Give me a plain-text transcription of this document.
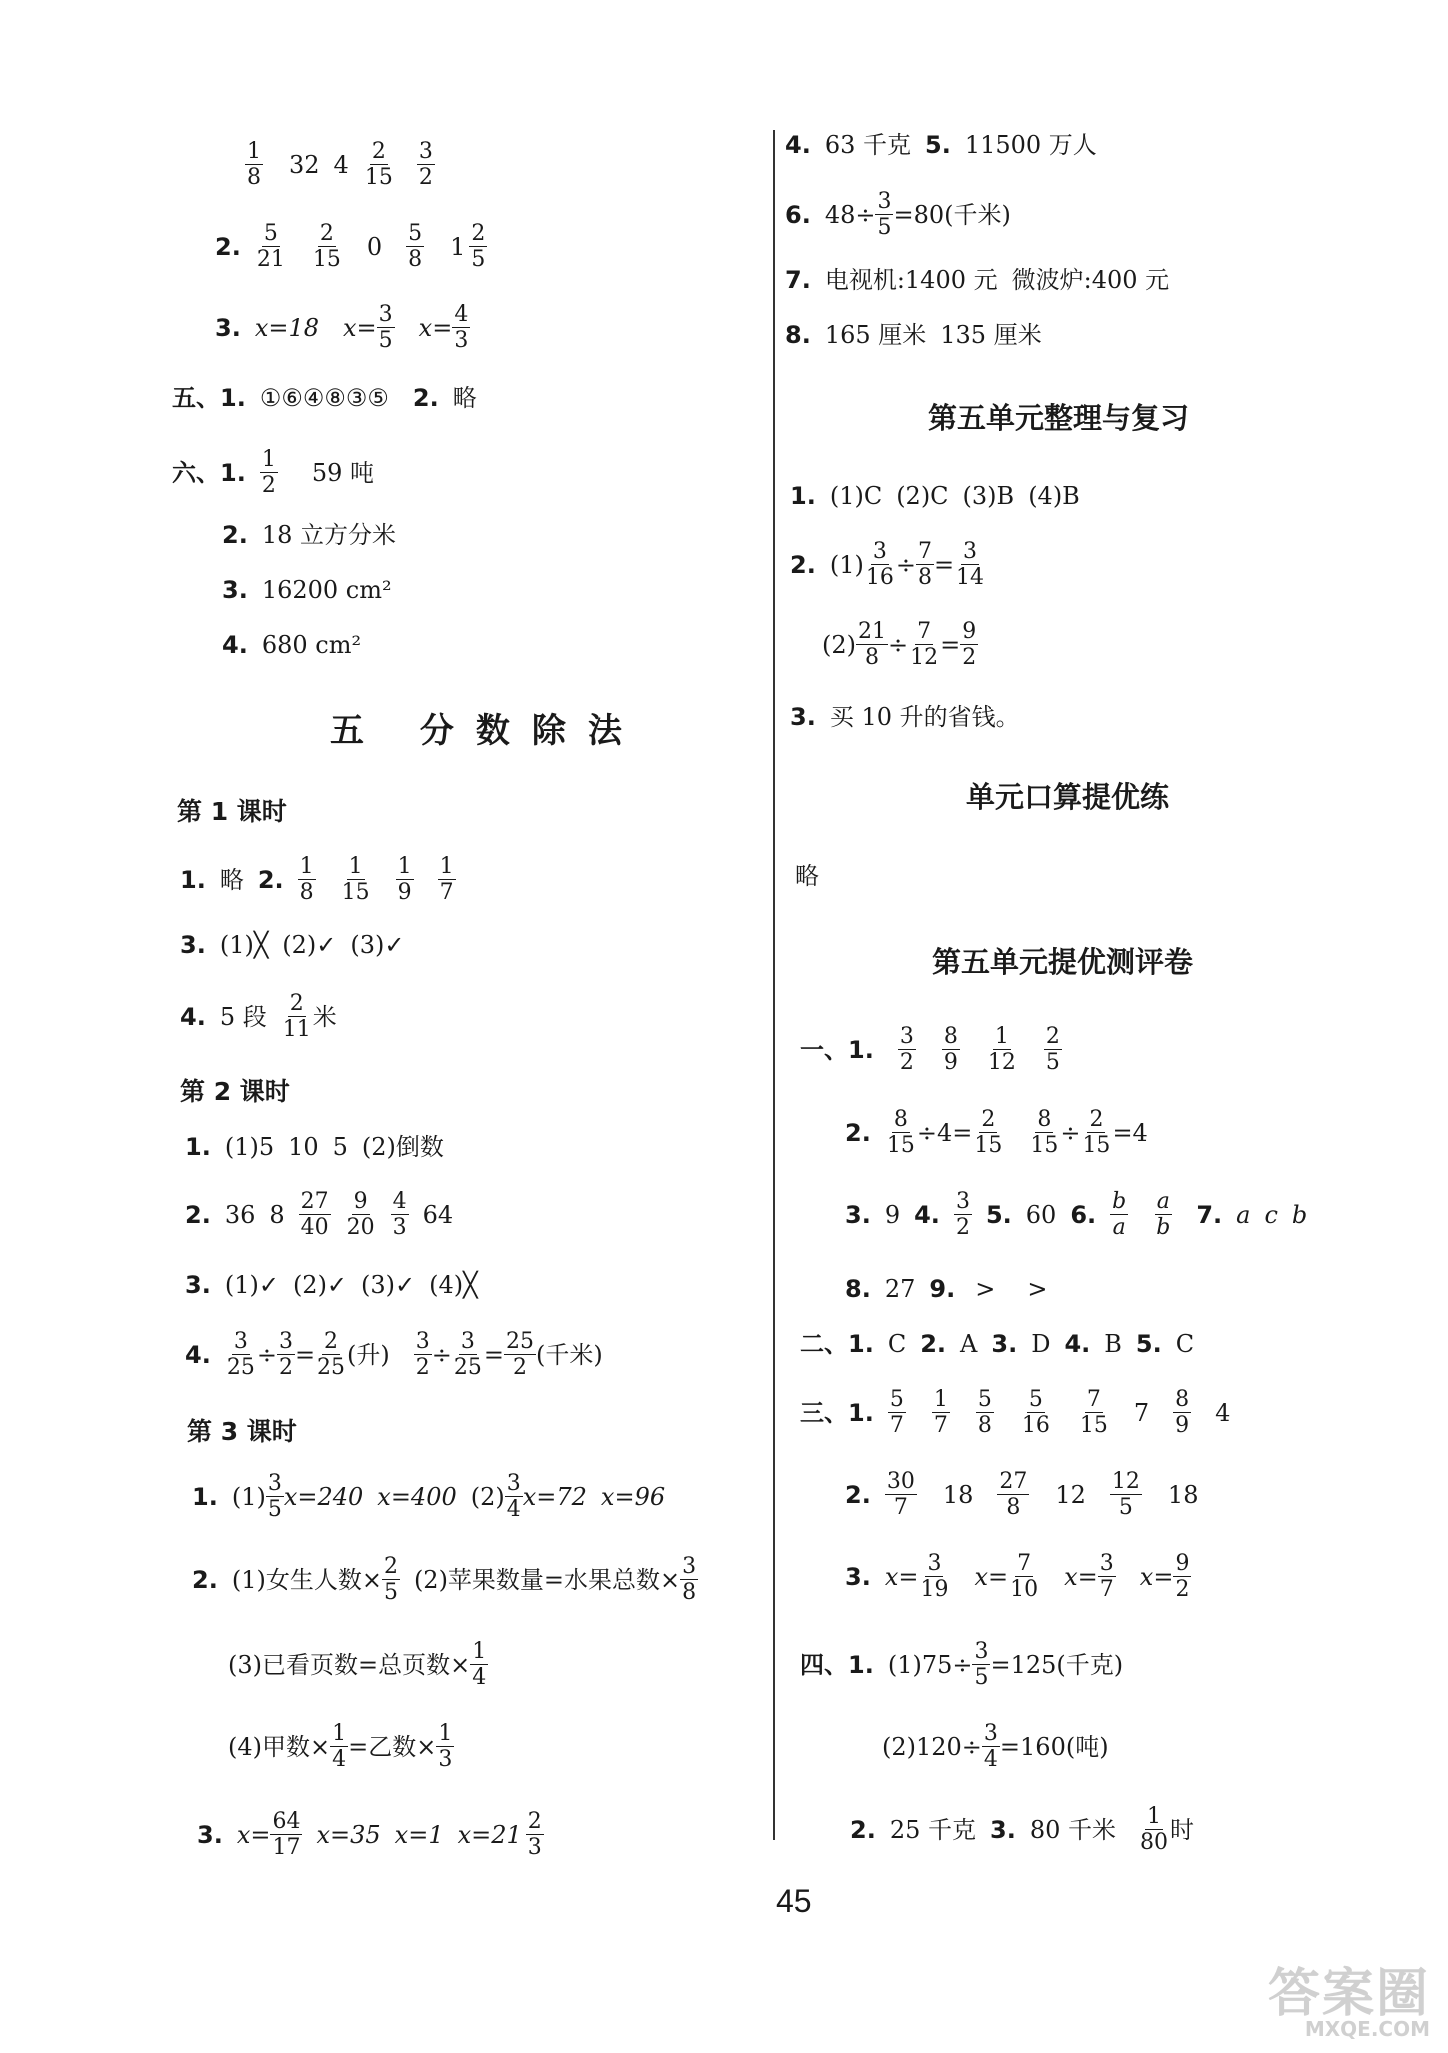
$\frac{1}{8} 32$ $4 \frac{2}{15} \frac{3}{2}$
2. $\frac{5}{21} \frac{2}{15} 0 \frac{5}{8} 1 \frac{2}{5}$
3. x=18 $x= \frac{3}{5} x= \frac{4}{3}$
五、1. ①⑥④⑧③⑤ 2. 略
六、1. $\frac{1}{2} 59$ 吨
2. 18 立方分米
3. 16200 cm²
4. 680 cm²
五 分数除法
第 1 课时
1. 略 2. $\frac{1}{8} \frac{1}{15} \frac{1}{9} \frac{1}{7}$
3. (1)╳ (2)✓ (3)✓
4. 5 段 $\frac{2}{11}$ 米
第 2 课时
1. (1)5 10 5 (2)倒数
2. 36 $8 \frac{27}{40} \frac{9}{20} \frac{4}{3} 64$
3. (1)✓ (2)✓ (3)✓ (4)╳
4. $\frac{3}{25} \div \frac{3}{2} = \frac{2}{25}$ (升) $\frac{3}{2} \div \frac{3}{25} = \frac{25}{2}$ (千米)
第 3 课时
1. $(1) \frac{3}{5} x=240$ x=400 $(2) \frac{3}{4} x=72$ x=96
2. (1)女生人数× $\frac{2}{5} (2)$苹果数量=水果总数× $\frac{3}{8}$
(3)已看页数=总页数× $\frac{1}{4}$
(4)甲数× $\frac{1}{4}$ =乙数× $\frac{1}{3}$
3. $x= \frac{64}{17} x=35$ x=1 $x=21 \frac{2}{3}$
4. 63 千克 5. 11500 万人
6. $48\div \frac{3}{5} =80$(千米)
7. 电视机:1400 元 微波炉:400 元
8. 165 厘米 135 厘米
第五单元整理与复习
1. (1)C (2)C (3)B (4)B
2. $(1) \frac{3}{16} \div \frac{7}{8} = \frac{3}{14}$
$(2) \frac{21}{8} \div \frac{7}{12} = \frac{9}{2}$
3. 买 10 升的省钱。
单元口算提优练
略
第五单元提优测评卷
一、1. $\frac{3}{2} \frac{8}{9} \frac{1}{12} \frac{2}{5}$
2. $\frac{8}{15} \div 4= \frac{2}{15} \frac{8}{15} \div \frac{2}{15} =4$
3. 9 4. $\frac{3}{2} 5$. 60 6. $\frac{b}{a} \frac{a}{b} 7$. a c b
8. 27 9. > >
二、1. C 2. A 3. D 4. B 5. C
三、1. $\frac{5}{7} \frac{1}{7} \frac{5}{8} \frac{5}{16} \frac{7}{15} 7 \frac{8}{9} 4$
2. $\frac{30}{7} 18 \frac{27}{8} 12 \frac{12}{5} 18$
3. $x= \frac{3}{19} x= \frac{7}{10} x= \frac{3}{7} x= \frac{9}{2}$
四、1. $(1)75\div \frac{3}{5} =125$(千克)
$(2)120\div \frac{3}{4} =160$(吨)
2. 25 千克 3. 80 千米 $\frac{1}{80}$ 时
45
答案圈
MXQE.COM
